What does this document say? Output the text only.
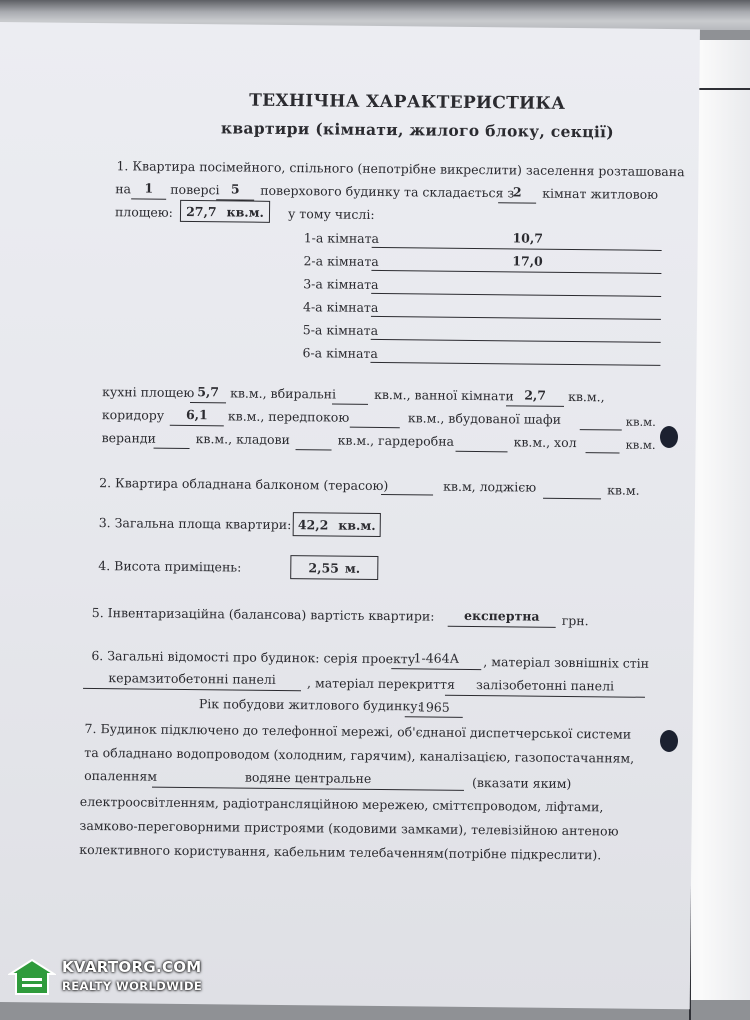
ТЕХНІЧНА ХАРАКТЕРИСТИКА
квартири (кімнати, жилого блоку, секції)
1. Квартира посімейного, спільного (непотрібне викреслити) заселення розташована
на	1	поверсі 5	поверхового будинку та складається з
2	кімнат житловою
площею: 27,7 кв.м. у тому числі:
1-а кімната	10,7
2-а кімната	17,0
3-а кімната
4-а кімната
5-а кімната
6-а кімната
кухні площею 5,7 кв.м., вбиральні	кв.м., ванної кімнати 2,7	кв.м.,
коридору	6,1	кв.м., передпокою	кв.м., вбудованої шафи	кв.м.
веранди	кв.м., кладови	кв.м., гардеробна	кв.м., хол	кв.м.
2. Квартира обладнана балконом (терасою)	кв.м, лоджією	кв.м.
3. Загальна площа квартири: 42,2 кв.м.
4. Висота приміщень:	2,55 м.
5. Інвентаризаційна (балансова) вартість квартири:	експертна	грн.
6. Загальні відомості про будинок: серія проекту
1-464А	, матеріал зовнішніх стін
керамзитобетонні панелі	, матеріал перекриття	залізобетонні панелі
Рік побудови житлового будинку:
1965
7. Будинок підключено до телефонної мережі, об'єднаної диспетчерської системи
та обладнано водопроводом (холодним, гарячим), каналізацією, газопостачанням,
опаленням	водяне центральне	(вказати яким)
електроосвітленням, радіотрансляційною мережею, сміттєпроводом, ліфтами,
замково-переговорними пристроями (кодовими замками), телевізійною антеною
колективного користування, кабельним телебаченням(потрібне підкреслити).
KVARTORG.COM
REALTY WORLDWIDE
